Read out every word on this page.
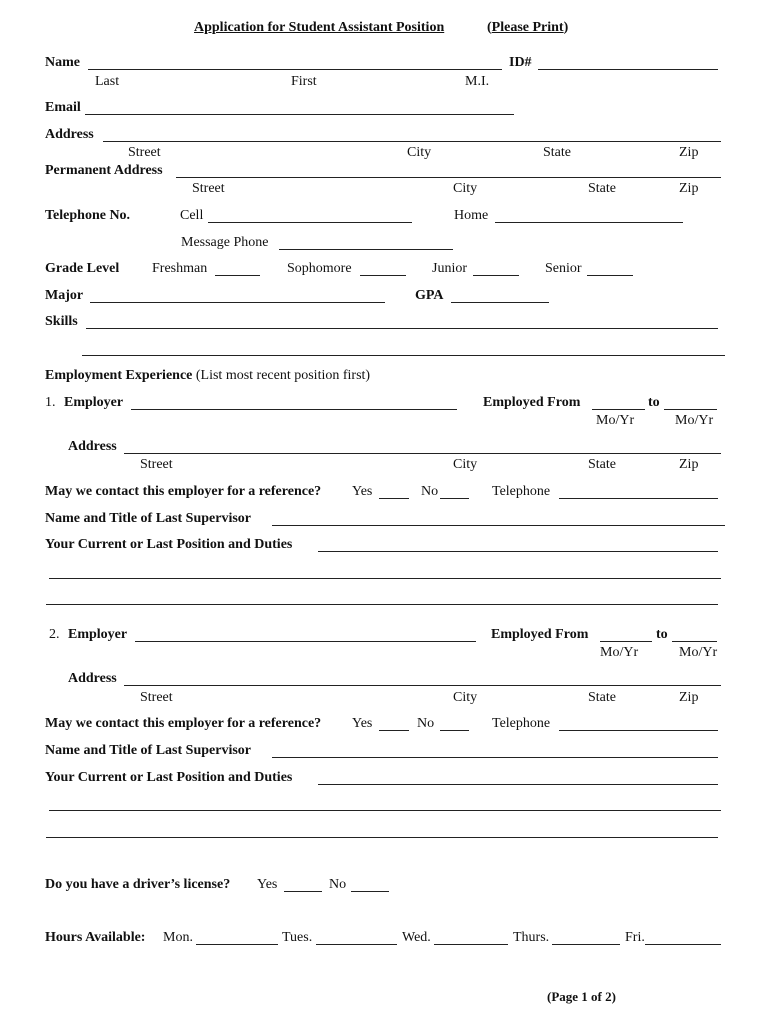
Application for Student Assistant Position	(Please Print)
Name	ID#
Last	First	M.I.
Email
Address
Street	City	State	Zip
Permanent Address
Street	City	State	Zip
Telephone No.	Cell	Home
Message Phone
Grade Level Freshman	Sophomore	Junior	Senior
Major	GPA
Skills
Employment Experience (List most recent position first)
1. Employer	Employed From	to
Mo/Yr	Mo/Yr
Address
Street	City	State	Zip
May we contact this employer for a reference? Yes	No	Telephone
Name and Title of Last Supervisor
Your Current or Last Position and Duties
2. Employer	Employed From	to
Mo/Yr	Mo/Yr
Address
Street	City	State	Zip
May we contact this employer for a reference? Yes	No	Telephone
Name and Title of Last Supervisor
Your Current or Last Position and Duties
Do you have a driver’s license? Yes	No
Hours Available: Mon.	Tues.	Wed.	Thurs.	Fri.
(Page 1 of 2)
